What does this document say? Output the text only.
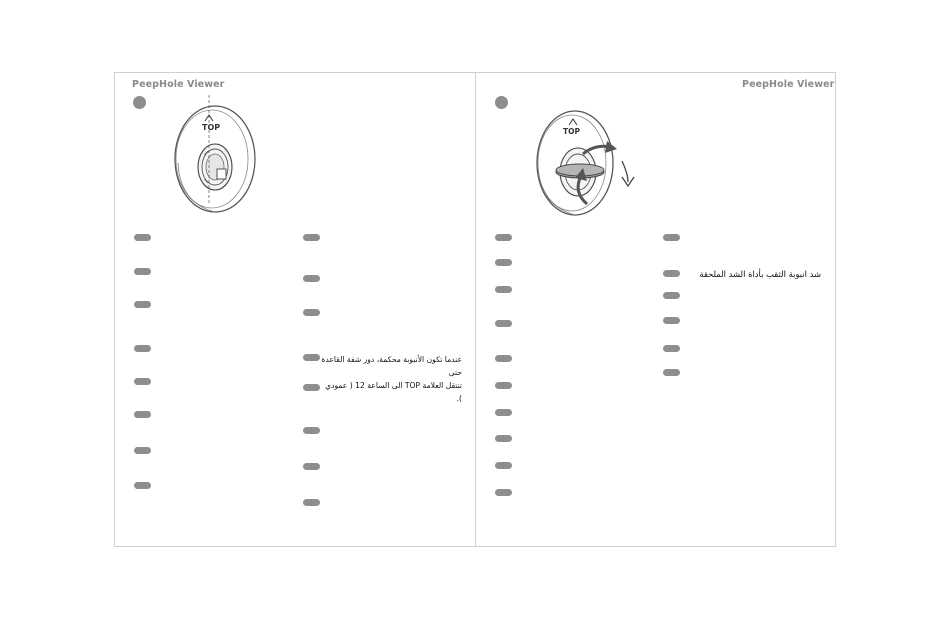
PeepHole Viewer
TOP
عندما تكون الأنبوبة محكمة، دور شفة القاعدة حتى
تنتقل العلامة TOP الى الساعة 12 ( عمودي ).
PeepHole Viewer
TOP
شد انبوبة الثقب بأداة الشد الملحقة
